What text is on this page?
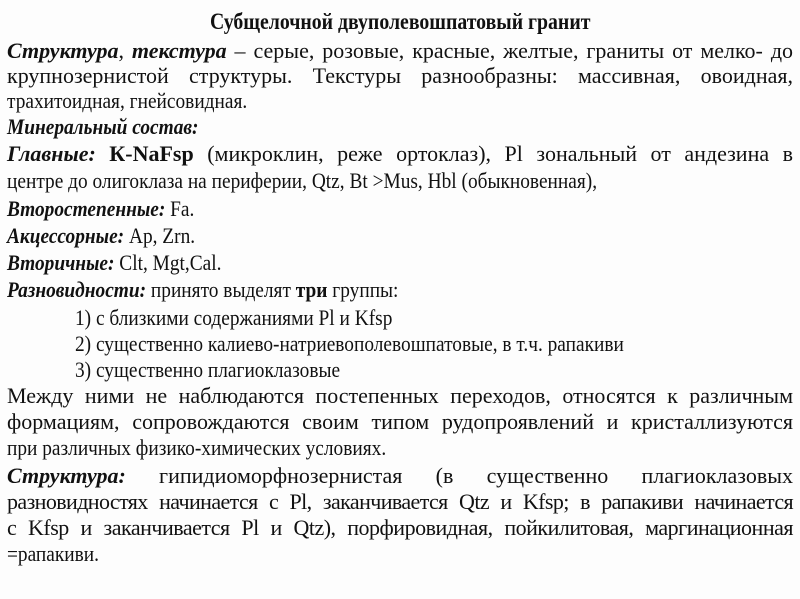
Субщелочной двуполевошпатовый гранит
Структура, текстура – серые, розовые, красные, желтые, граниты от мелко- до
крупнозернистой структуры. Текстуры разнообразны: массивная, овоидная,
трахитоидная, гнейсовидная.
Минеральный состав:
Главные: К-NaFsp (микроклин, реже ортоклаз), Pl зональный от андезина в
центре до олигоклаза на периферии, Qtz, Bt >Mus, Hbl (обыкновенная),
Второстепенные: Fa.
Акцессорные: Ap, Zrn.
Вторичные: Clt, Mgt,Cal.
Разновидности: принято выделят три группы:
1) с близкими содержаниями Pl и Kfsp
2) существенно калиево-натриевополевошпатовые, в т.ч. рапакиви
3) существенно плагиоклазовые
Между ними не наблюдаются постепенных переходов, относятся к различным
формациям, сопровождаются своим типом рудопроявлений и кристаллизуются
при различных физико-химических условиях.
Структура: гипидиоморфнозернистая (в существенно плагиоклазовых
разновидностях начинается с Pl, заканчивается Qtz и Kfsp; в рапакиви начинается
с Kfsp и заканчивается Pl и Qtz), порфировидная, пойкилитовая, маргинационная
=рапакиви.
